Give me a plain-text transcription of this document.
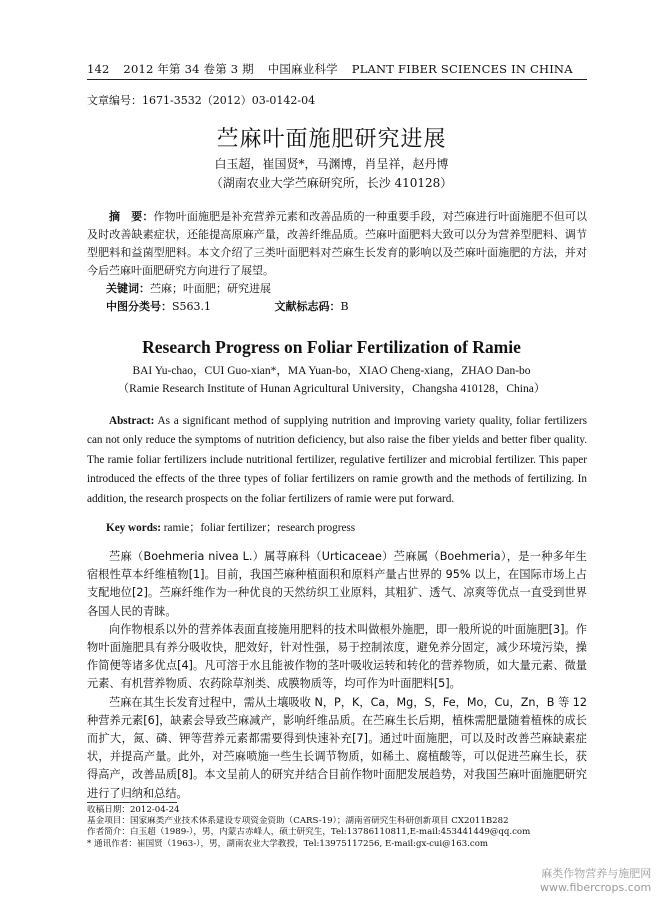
142 2012 年第 34 卷第 3 期 中国麻业科学 PLANT FIBER SCIENCES IN CHINA
文章编号：1671-3532（2012）03-0142-04
苎麻叶面施肥研究进展
白玉超，崔国贤*，马渊博，肖呈祥，赵丹博
（湖南农业大学苎麻研究所，长沙 410128）
摘　要：作物叶面施肥是补充营养元素和改善品质的一种重要手段，对苎麻进行叶面施肥不但可以及时改善缺素症状，还能提高原麻产量，改善纤维品质。苎麻叶面肥料大致可以分为营养型肥料、调节型肥料和益菌型肥料。本文介绍了三类叶面肥料对苎麻生长发育的影响以及苎麻叶面施肥的方法，并对今后苎麻叶面肥研究方向进行了展望。
关键词：苎麻；叶面肥；研究进展
中图分类号：S563.1	文献标志码：B
Research Progress on Foliar Fertilization of Ramie
BAI Yu-chao，CUI Guo-xian*，MA Yuan-bo，XIAO Cheng-xiang，ZHAO Dan-bo
（Ramie Research Institute of Hunan Agricultural University，Changsha 410128，China）
Abstract: As a significant method of supplying nutrition and improving variety quality, foliar fertilizers can not only reduce the symptoms of nutrition deficiency, but also raise the fiber yields and better fiber quality. The ramie foliar fertilizers include nutritional fertilizer, regulative fertilizer and microbial fertilizer. This paper introduced the effects of the three types of foliar fertilizers on ramie growth and the methods of fertilizing. In addition, the research prospects on the foliar fertilizers of ramie were put forward.
Key words: ramie；foliar fertilizer；research progress

苎麻（Boehmeria nivea L.）属荨麻科（Urticaceae）苎麻属（Boehmeria），是一种多年生宿根性草本纤维植物[1]。目前，我国苎麻种植面积和原料产量占世界的 95% 以上，在国际市场上占支配地位[2]。苎麻纤维作为一种优良的天然纺织工业原料，其粗犷、透气、凉爽等优点一直受到世界各国人民的青睐。

向作物根系以外的营养体表面直接施用肥料的技术叫做根外施肥，即一般所说的叶面施肥[3]。作物叶面施肥具有养分吸收快，肥效好，针对性强，易于控制浓度，避免养分固定，减少环境污染，操作简便等诸多优点[4]。凡可溶于水且能被作物的茎叶吸收运转和转化的营养物质，如大量元素、微量元素、有机营养物质、农药除草剂类、成膜物质等，均可作为叶面肥料[5]。

苎麻在其生长发育过程中，需从土壤吸收 N，P，K，Ca，Mg，S，Fe，Mo，Cu，Zn，B 等 12 种营养元素[6]，缺素会导致苎麻减产，影响纤维品质。在苎麻生长后期，植株需肥量随着植株的成长而扩大，氮、磷、钾等营养元素都需要得到快速补充[7]。通过叶面施肥，可以及时改善苎麻缺素症状，并提高产量。此外，对苎麻喷施一些生长调节物质，如稀土、腐植酸等，可以促进苎麻生长，获得高产，改善品质[8]。本文呈前人的研究并结合目前作物叶面肥发展趋势，对我国苎麻叶面施肥研究进行了归纳和总结。

收稿日期：2012-04-24
基金项目：国家麻类产业技术体系建设专项资金资助（CARS-19）；湖南省研究生科研创新项目 CX2011B282
作者简介：白玉超（1989-），男，内蒙古赤峰人，硕士研究生，Tel:13786110811,E-mail:453441449@qq.com
* 通讯作者：崔国贤（1963-），男，湖南农业大学教授，Tel:13975117256, E-mail:gx-cui@163.com
麻类作物营养与施肥网
www.fibercrops.com
